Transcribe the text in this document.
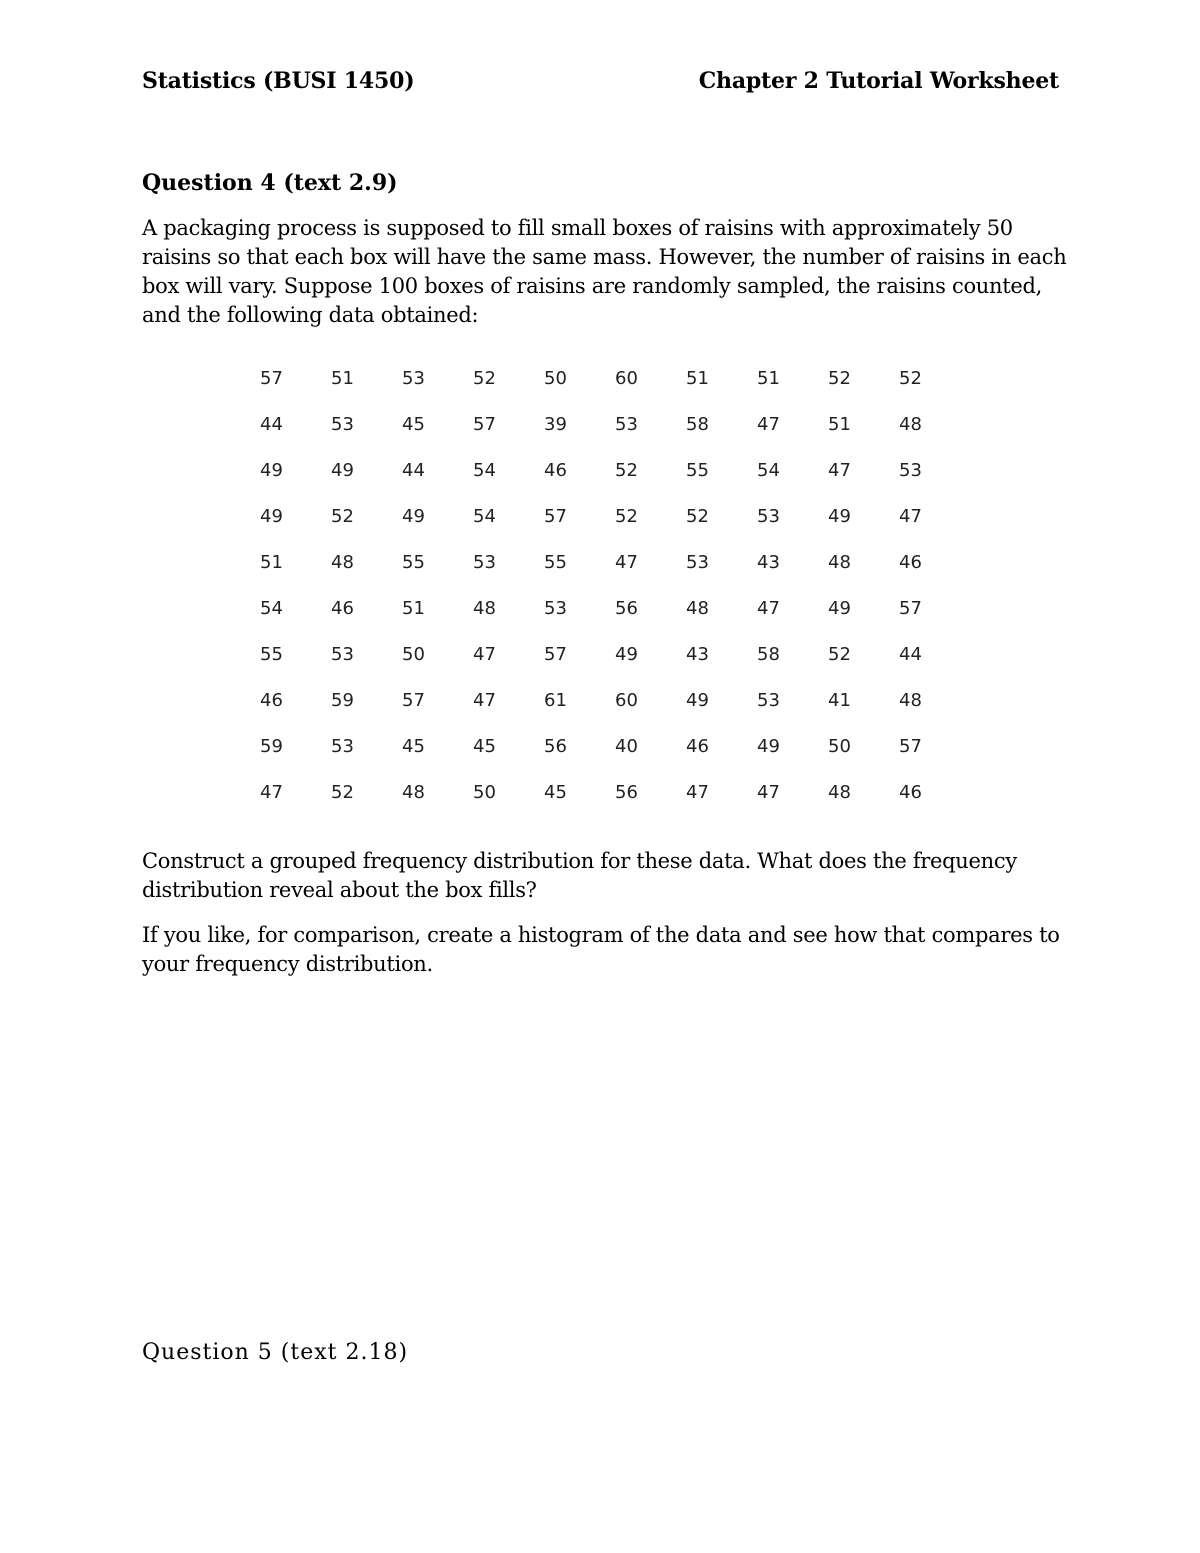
Statistics (BUSI 1450)	Chapter 2 Tutorial Worksheet
Question 4 (text 2.9)
A packaging process is supposed to fill small boxes of raisins with approximately 50 raisins so that each box will have the same mass. However, the number of raisins in each box will vary. Suppose 100 boxes of raisins are randomly sampled, the raisins counted, and the following data obtained:
57	51	53	52	50	60	51	51	52	52
44	53	45	57	39	53	58	47	51	48
49	49	44	54	46	52	55	54	47	53
49	52	49	54	57	52	52	53	49	47
51	48	55	53	55	47	53	43	48	46
54	46	51	48	53	56	48	47	49	57
55	53	50	47	57	49	43	58	52	44
46	59	57	47	61	60	49	53	41	48
59	53	45	45	56	40	46	49	50	57
47	52	48	50	45	56	47	47	48	46
Construct a grouped frequency distribution for these data. What does the frequency distribution reveal about the box fills?
If you like, for comparison, create a histogram of the data and see how that compares to your frequency distribution.
Question 5 (text 2.18)
